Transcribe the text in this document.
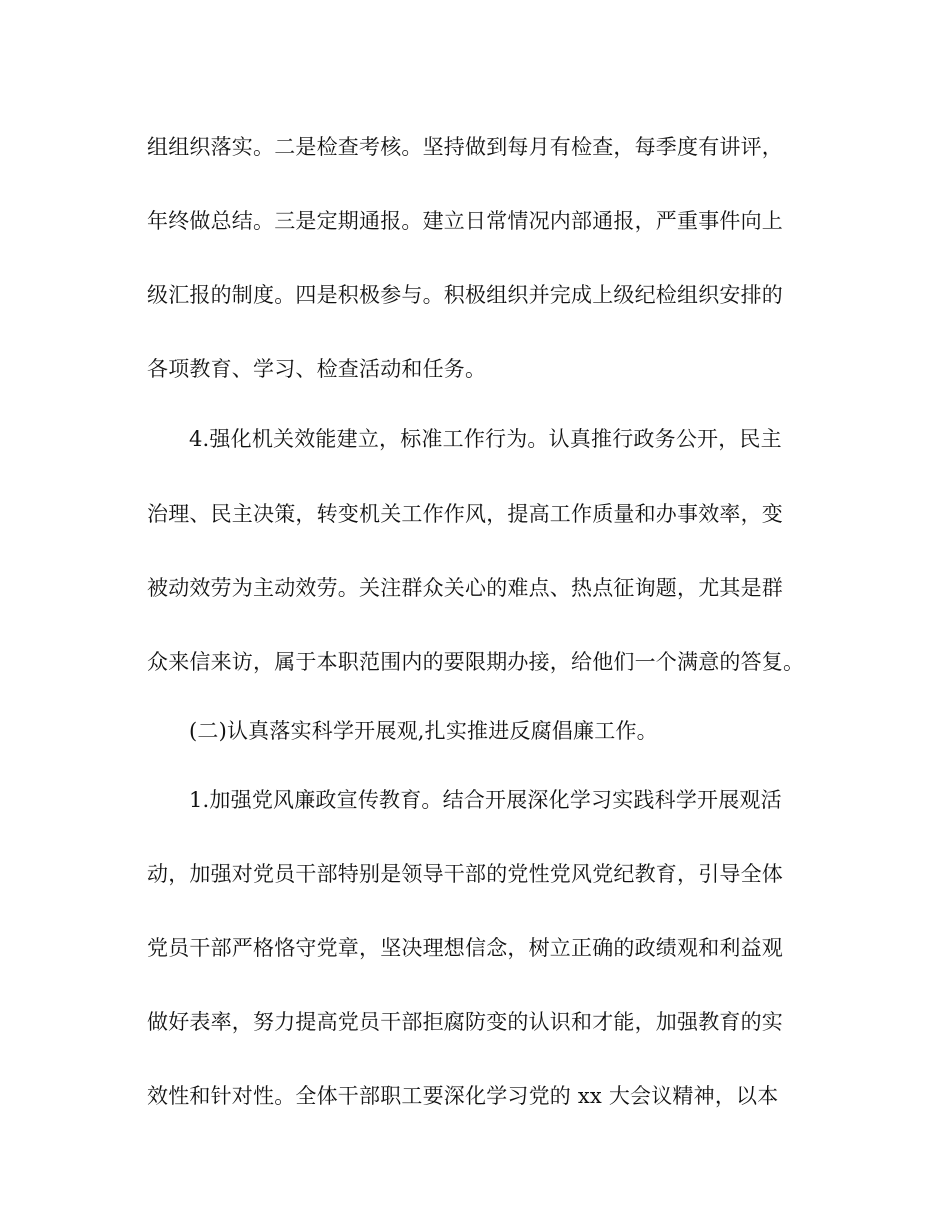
组组织落实。二是检查考核。坚持做到每月有检查，每季度有讲评，
年终做总结。三是定期通报。建立日常情况内部通报，严重事件向上
级汇报的制度。四是积极参与。积极组织并完成上级纪检组织安排的
各项教育、学习、检查活动和任务。
4.强化机关效能建立，标准工作行为。认真推行政务公开，民主
治理、民主决策，转变机关工作作风，提高工作质量和办事效率，变
被动效劳为主动效劳。关注群众关心的难点、热点征询题，尤其是群
众来信来访，属于本职范围内的要限期办接，给他们一个满意的答复。
(二)认真落实科学开展观,扎实推进反腐倡廉工作。
1.加强党风廉政宣传教育。结合开展深化学习实践科学开展观活
动，加强对党员干部特别是领导干部的党性党风党纪教育，引导全体
党员干部严格恪守党章，坚决理想信念，树立正确的政绩观和利益观
做好表率，努力提高党员干部拒腐防变的认识和才能，加强教育的实
效性和针对性。全体干部职工要深化学习党的 xx 大会议精神，以本
